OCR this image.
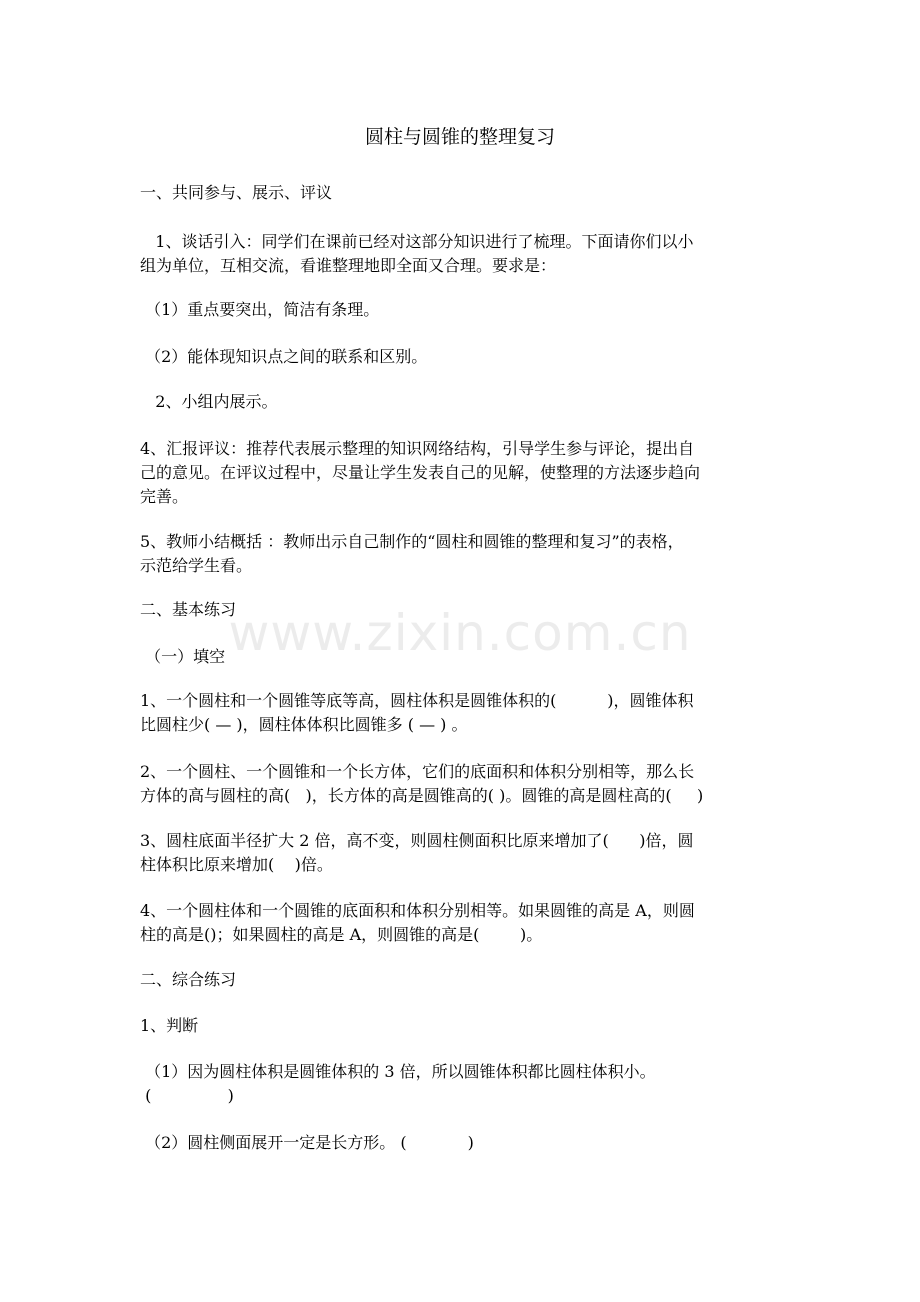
圆柱与圆锥的整理复习
一、共同参与、展示、评议
1、谈话引入：同学们在课前已经对这部分知识进行了梳理。下面请你们以小
组为单位，互相交流，看谁整理地即全面又合理。要求是：
（1）重点要突出，简洁有条理。
（2）能体现知识点之间的联系和区别。
2、小组内展示。
4、汇报评议：推荐代表展示整理的知识网络结构，引导学生参与评论，提出自
己的意见。在评议过程中，尽量让学生发表自己的见解，使整理的方法逐步趋向
完善。
5、教师小结概括 ：教师出示自己制作的“圆柱和圆锥的整理和复习”的表格，
示范给学生看。
二、基本练习
（一）填空
1、一个圆柱和一个圆锥等底等高，圆柱体积是圆锥体积的(          )，圆锥体积
比圆柱少( — )，圆柱体体积比圆锥多 ( — ) 。
2、一个圆柱、一个圆锥和一个长方体，它们的底面积和体积分别相等，那么长
方体的高与圆柱的高(   )，长方体的高是圆锥高的( )。圆锥的高是圆柱高的(     )
3、圆柱底面半径扩大 2 倍，高不变，则圆柱侧面积比原来增加了(      )倍，圆
柱体积比原来增加(    )倍。
4、一个圆柱体和一个圆锥的底面积和体积分别相等。如果圆锥的高是 A，则圆
柱的高是()；如果圆柱的高是 A，则圆锥的高是(        )。
二、综合练习
1、判断
（1）因为圆柱体积是圆锥体积的 3 倍，所以圆锥体积都比圆柱体积小。
(               )
（2）圆柱侧面展开一定是长方形。 (            )
www.zixin.com.cn
